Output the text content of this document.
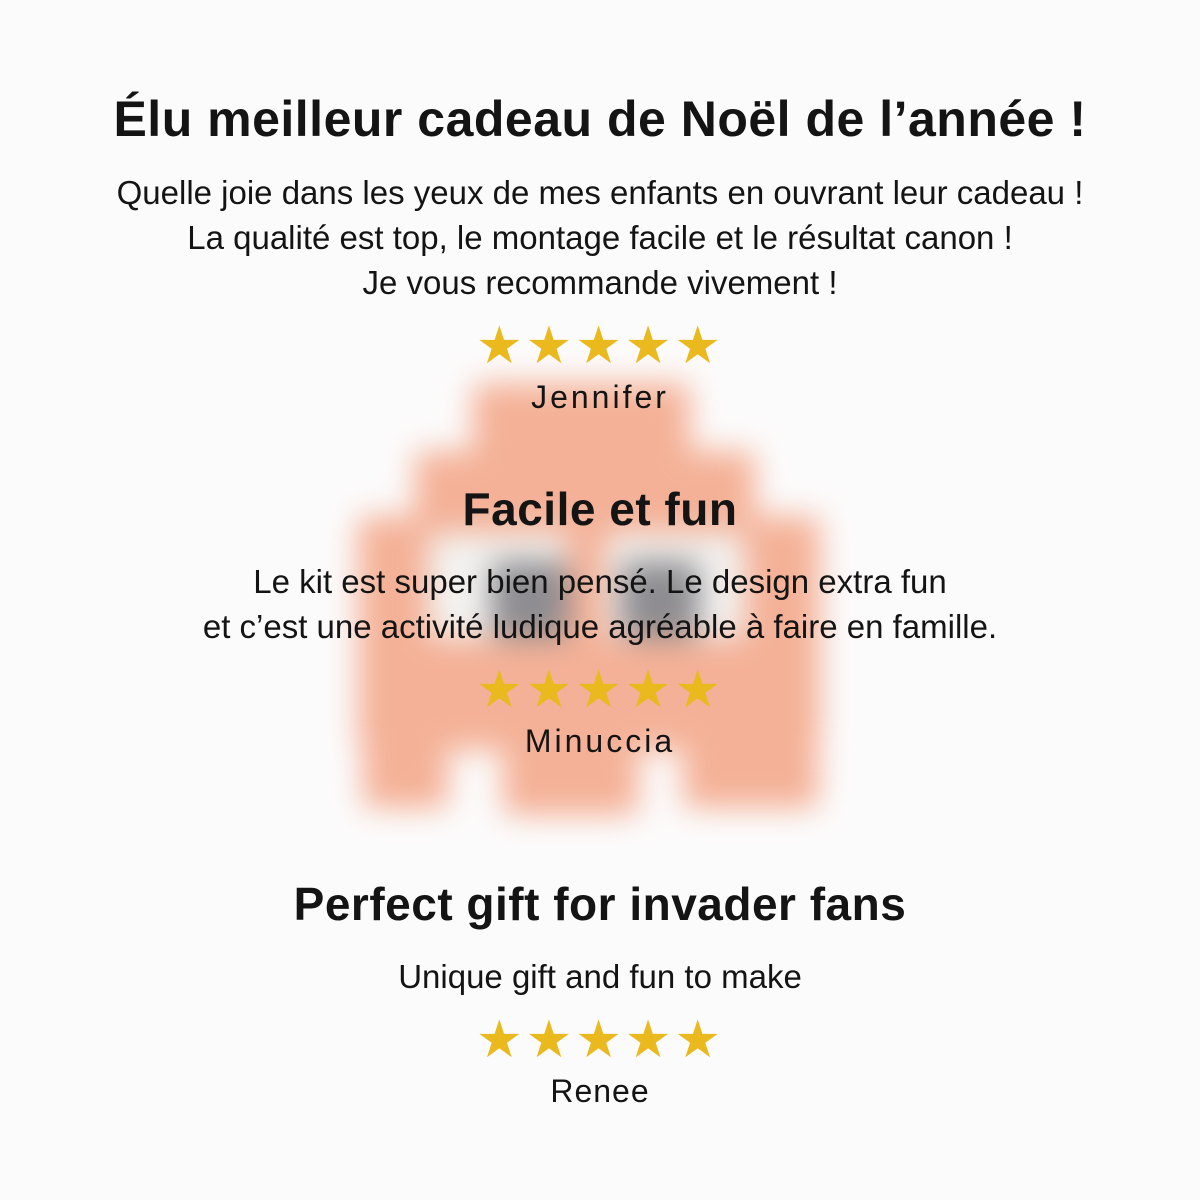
Élu meilleur cadeau de Noël de l’année !

Quelle joie dans les yeux de mes enfants en ouvrant leur cadeau !
La qualité est top, le montage facile et le résultat canon !
Je vous recommande vivement !

★★★★★
Jennifer
Facile et fun

Le kit est super bien pensé. Le design extra fun
et c’est une activité ludique agréable à faire en famille.

★★★★★
Minuccia
Perfect gift for invader fans

Unique gift and fun to make

★★★★★
Renee
